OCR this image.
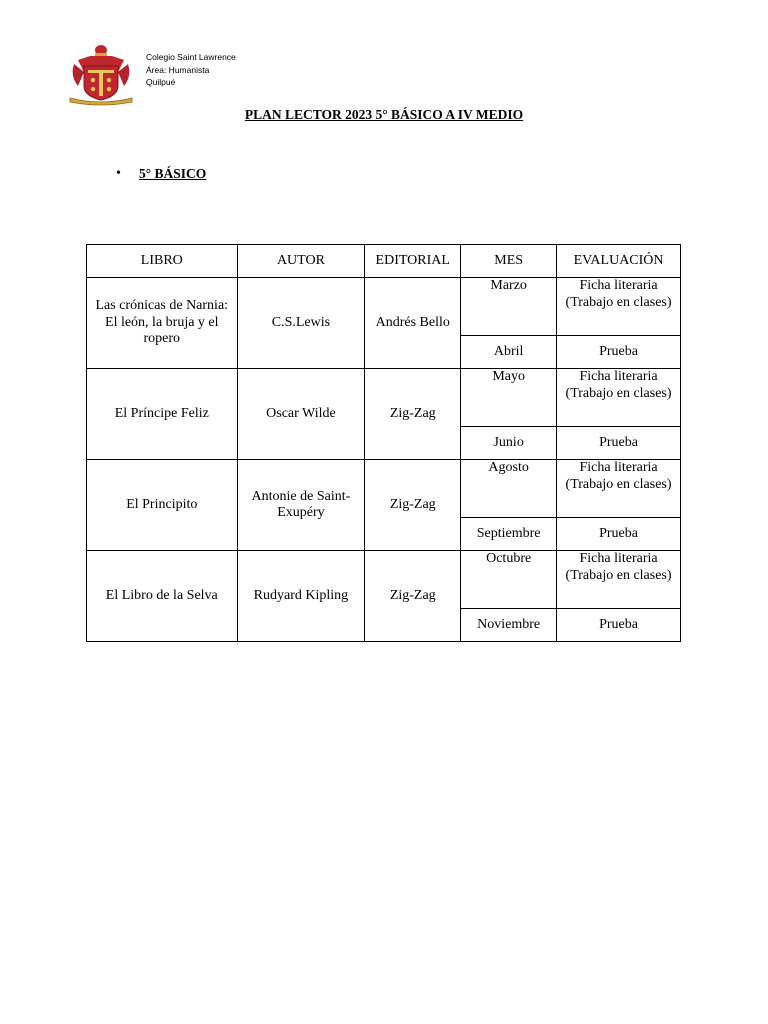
Colegio Saint Lawrence
Área: Humanista
Quilpué
PLAN LECTOR 2023 5° BÁSICO A IV MEDIO
• 5° BÁSICO
LIBRO	AUTOR	EDITORIAL	MES	EVALUACIÓN
Las crónicas de Narnia: El león, la bruja y el ropero	C.S.Lewis	Andrés Bello	Marzo	Ficha literaria (Trabajo en clases)
			Abril	Prueba
El Príncipe Feliz	Oscar Wilde	Zig-Zag	Mayo	Ficha literaria (Trabajo en clases)
			Junio	Prueba
El Principito	Antonie de Saint-Exupéry	Zig-Zag	Agosto	Ficha literaria (Trabajo en clases)
			Septiembre	Prueba
El Libro de la Selva	Rudyard Kipling	Zig-Zag	Octubre	Ficha literaria (Trabajo en clases)
			Noviembre	Prueba
